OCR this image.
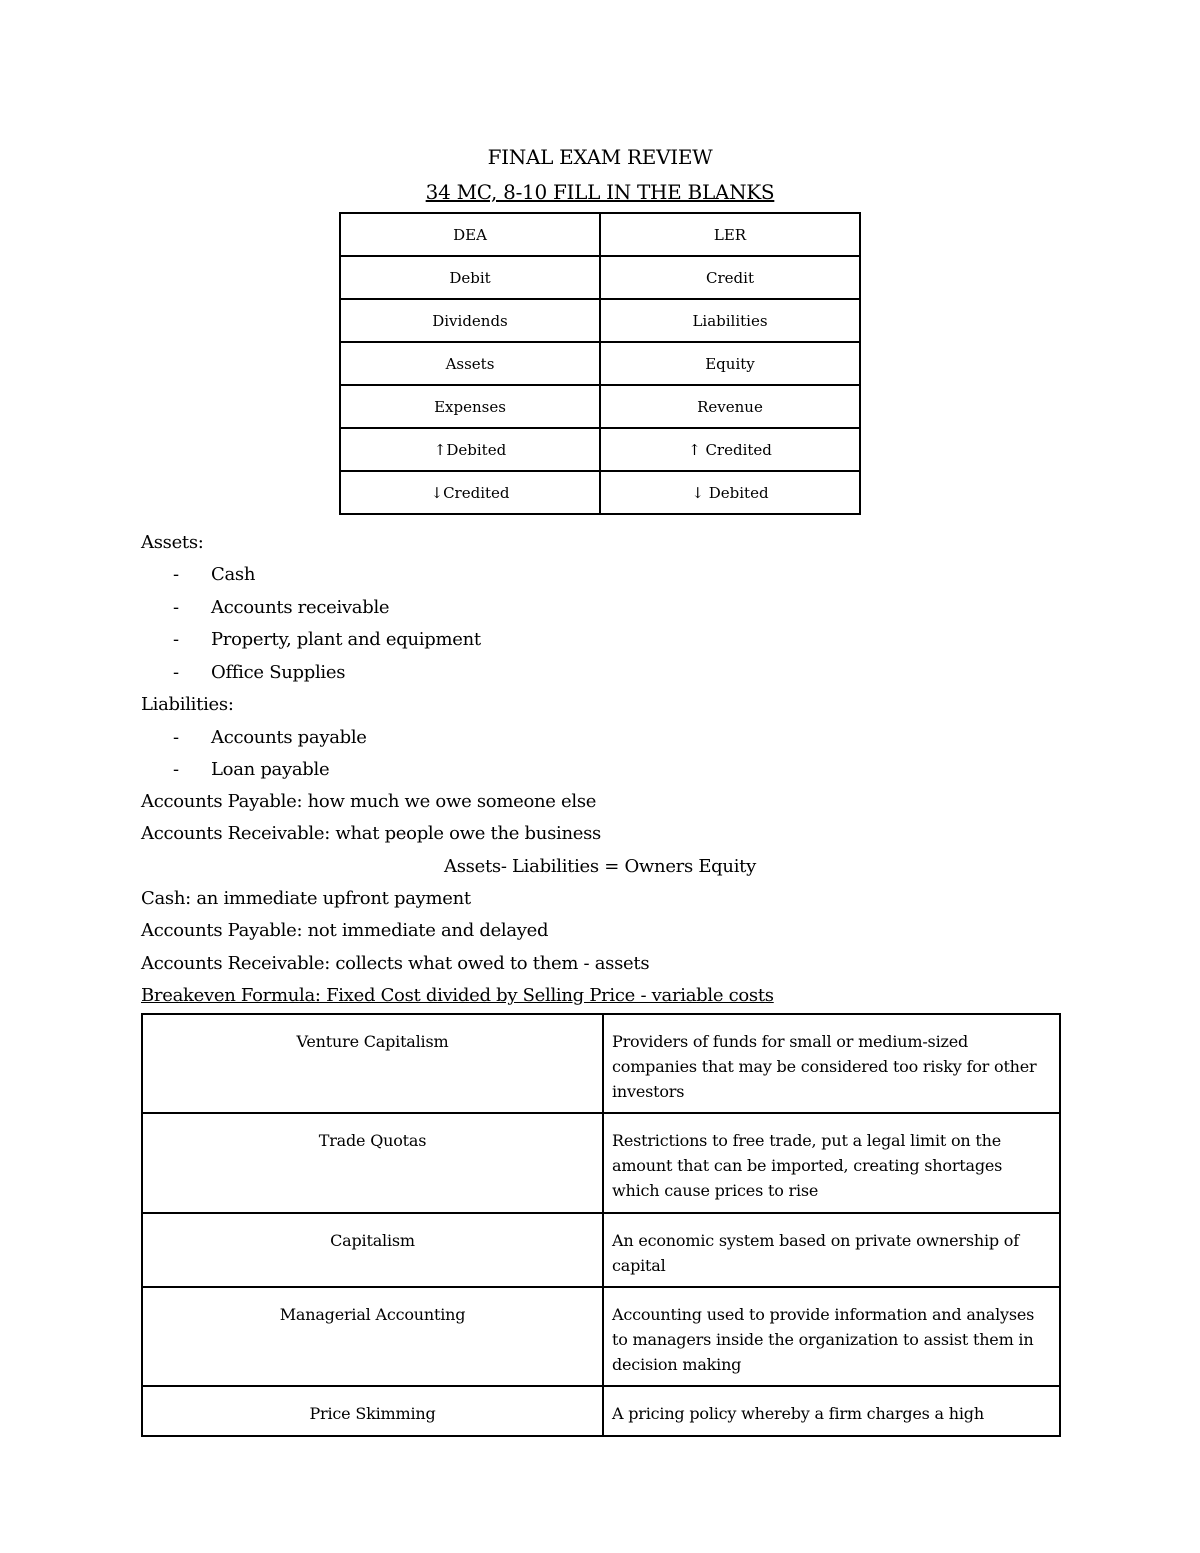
FINAL EXAM REVIEW
34 MC, 8-10 FILL IN THE BLANKS
DEA	LER
Debit	Credit
Dividends	Liabilities
Assets	Equity
Expenses	Revenue
↑Debited	↑ Credited
↓Credited	↓ Debited
Assets:
- Cash
- Accounts receivable
- Property, plant and equipment
- Office Supplies
Liabilities:
- Accounts payable
- Loan payable
Accounts Payable: how much we owe someone else
Accounts Receivable: what people owe the business
Assets- Liabilities = Owners Equity
Cash: an immediate upfront payment
Accounts Payable: not immediate and delayed
Accounts Receivable: collects what owed to them - assets
Breakeven Formula: Fixed Cost divided by Selling Price - variable costs
Venture Capitalism	Providers of funds for small or medium-sized companies that may be considered too risky for other investors
Trade Quotas	Restrictions to free trade, put a legal limit on the amount that can be imported, creating shortages which cause prices to rise
Capitalism	An economic system based on private ownership of capital
Managerial Accounting	Accounting used to provide information and analyses to managers inside the organization to assist them in decision making
Price Skimming	A pricing policy whereby a firm charges a high
